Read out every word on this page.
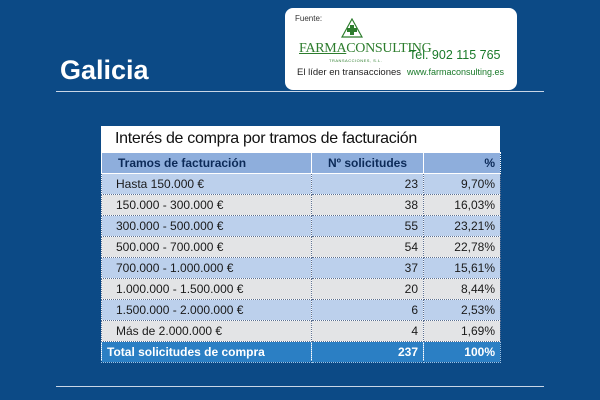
Galicia
Fuente:
FARMACONSULTING
TRANSACCIONES, S.L.
El líder en transacciones
Tel. 902 115 765
www.farmaconsulting.es
Interés de compra por tramos de facturación
Tramos de facturación	Nº solicitudes	%
Hasta 150.000 €	23	9,70%
150.000 - 300.000 €	38	16,03%
300.000 - 500.000 €	55	23,21%
500.000 - 700.000 €	54	22,78%
700.000 - 1.000.000 €	37	15,61%
1.000.000 - 1.500.000 €	20	8,44%
1.500.000 - 2.000.000 €	6	2,53%
Más de 2.000.000 €	4	1,69%
Total solicitudes de compra	237	100%
